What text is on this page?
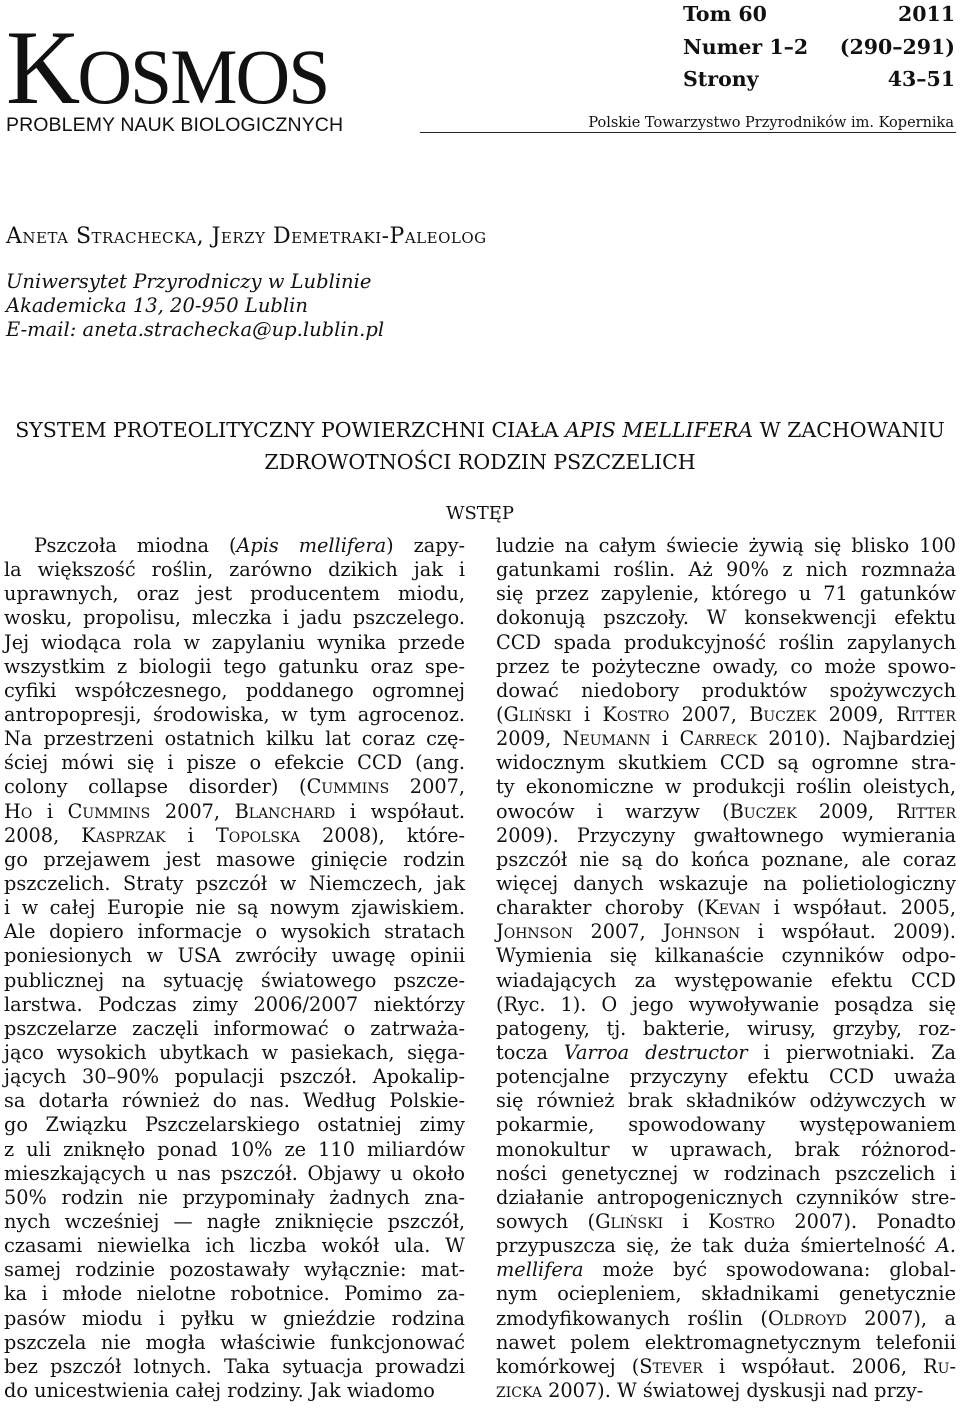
KOSMOS
PROBLEMY NAUK BIOLOGICZNYCH	Polskie Towarzystwo Przyrodników im. Kopernika
Tom 60	2011
Numer 1–2 (290–291)
Strony	43–51
Aneta Strachecka, Jerzy Demetraki-Paleolog
Uniwersytet Przyrodniczy w Lublinie
Akademicka 13, 20-950 Lublin
E-mail: aneta.strachecka@up.lublin.pl
SYSTEM PROTEOLITYCZNY POWIERZCHNI CIAŁA APIS MELLIFERA W ZACHOWANIU
ZDROWOTNOŚCI RODZIN PSZCZELICH
WSTĘP
Pszczoła miodna (Apis mellifera) zapy-
la większość roślin, zarówno dzikich jak i
uprawnych, oraz jest producentem miodu,
wosku, propolisu, mleczka i jadu pszczelego.
Jej wiodąca rola w zapylaniu wynika przede
wszystkim z biologii tego gatunku oraz spe-
cyfiki współczesnego, poddanego ogromnej
antropopresji, środowiska, w tym agrocenoz.
Na przestrzeni ostatnich kilku lat coraz czę-
ściej mówi się i pisze o efekcie CCD (ang.
colony collapse disorder) (Cummins 2007,
Ho i Cummins 2007, Blanchard i współaut.
2008, Kasprzak i Topolska 2008), które-
go przejawem jest masowe ginięcie rodzin
pszczelich. Straty pszczół w Niemczech, jak
i w całej Europie nie są nowym zjawiskiem.
Ale dopiero informacje o wysokich stratach
poniesionych w USA zwróciły uwagę opinii
publicznej na sytuację światowego pszcze-
larstwa. Podczas zimy 2006/2007 niektórzy
pszczelarze zaczęli informować o zatrważa-
jąco wysokich ubytkach w pasiekach, sięga-
jących 30–90% populacji pszczół. Apokalip-
sa dotarła również do nas. Według Polskie-
go Związku Pszczelarskiego ostatniej zimy
z uli zniknęło ponad 10% ze 110 miliardów
mieszkających u nas pszczół. Objawy u około
50% rodzin nie przypominały żadnych zna-
nych wcześniej — nagłe zniknięcie pszczół,
czasami niewielka ich liczba wokół ula. W
samej rodzinie pozostawały wyłącznie: mat-
ka i młode nielotne robotnice. Pomimo za-
pasów miodu i pyłku w gnieździe rodzina
pszczela nie mogła właściwie funkcjonować
bez pszczół lotnych. Taka sytuacja prowadzi
do unicestwienia całej rodziny. Jak wiadomo
ludzie na całym świecie żywią się blisko 100
gatunkami roślin. Aż 90% z nich rozmnaża
się przez zapylenie, którego u 71 gatunków
dokonują pszczoły. W konsekwencji efektu
CCD spada produkcyjność roślin zapylanych
przez te pożyteczne owady, co może spowo-
dować niedobory produktów spożywczych
(Gliński i Kostro 2007, Buczek 2009, Ritter
2009, Neumann i Carreck 2010). Najbardziej
widocznym skutkiem CCD są ogromne stra-
ty ekonomiczne w produkcji roślin oleistych,
owoców i warzyw (Buczek 2009, Ritter
2009). Przyczyny gwałtownego wymierania
pszczół nie są do końca poznane, ale coraz
więcej danych wskazuje na polietiologiczny
charakter choroby (Kevan i współaut. 2005,
Johnson 2007, Johnson i współaut. 2009).
Wymienia się kilkanaście czynników odpo-
wiadających za występowanie efektu CCD
(Ryc. 1). O jego wywoływanie posądza się
patogeny, tj. bakterie, wirusy, grzyby, roz-
tocza Varroa destructor i pierwotniaki. Za
potencjalne przyczyny efektu CCD uważa
się również brak składników odżywczych w
pokarmie, spowodowany występowaniem
monokultur w uprawach, brak różnorod-
ności genetycznej w rodzinach pszczelich i
działanie antropogenicznych czynników stre-
sowych (Gliński i Kostro 2007). Ponadto
przypuszcza się, że tak duża śmiertelność A.
mellifera może być spowodowana: global-
nym ociepleniem, składnikami genetycznie
zmodyfikowanych roślin (Oldroyd 2007), a
nawet polem elektromagnetycznym telefonii
komórkowej (Stever i współaut. 2006, Ru-
zicka 2007). W światowej dyskusji nad przy-
